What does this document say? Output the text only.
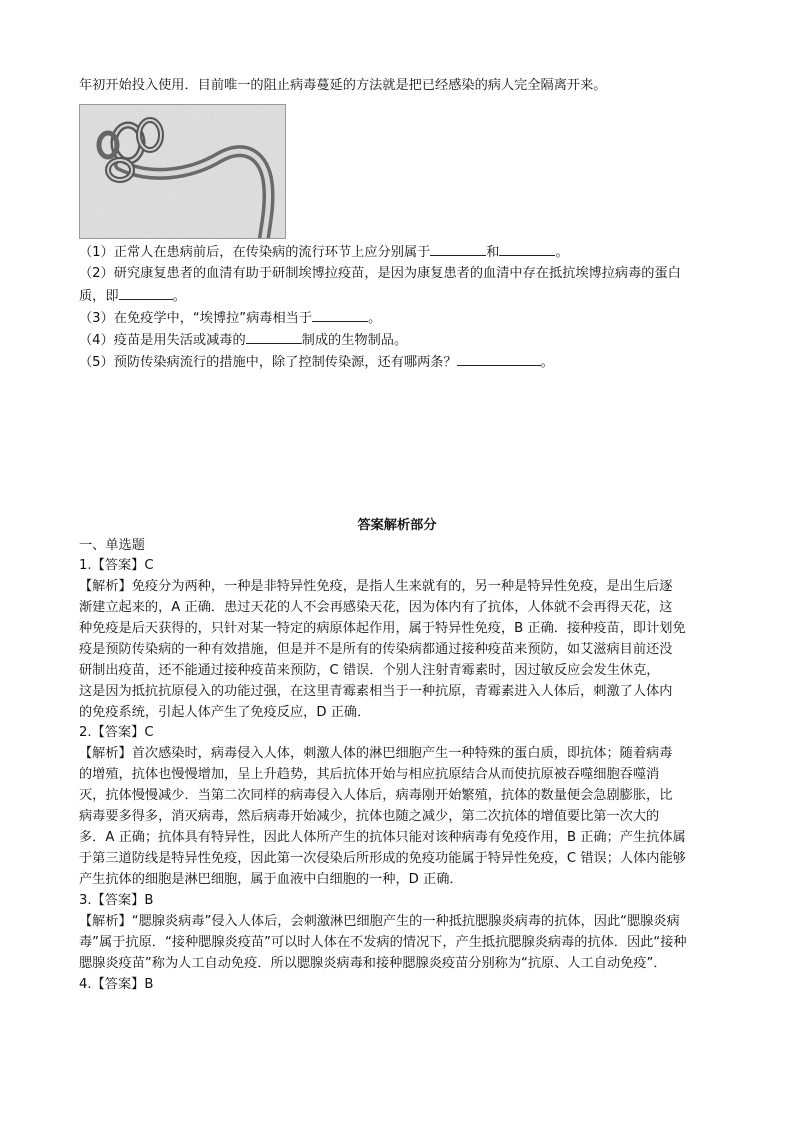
年初开始投入使用．目前唯一的阻止病毒蔓延的方法就是把已经感染的病人完全隔离开来。
（1）正常人在患病前后，在传染病的流行环节上应分别属于	和	。
（2）研究康复患者的血清有助于研制埃博拉疫苗，是因为康复患者的血清中存在抵抗埃博拉病毒的蛋白
质，即	。
（3）在免疫学中，“埃博拉”病毒相当于	。
（4）疫苗是用失活或减毒的	制成的生物制品。
（5）预防传染病流行的措施中，除了控制传染源，还有哪两条？	。
答案解析部分
一、单选题
1.【答案】C
【解析】免疫分为两种，一种是非特异性免疫，是指人生来就有的，另一种是特异性免疫，是出生后逐
渐建立起来的，A 正确．患过天花的人不会再感染天花，因为体内有了抗体，人体就不会再得天花，这
种免疫是后天获得的，只针对某一特定的病原体起作用，属于特异性免疫，B 正确．接种疫苗，即计划免
疫是预防传染病的一种有效措施，但是并不是所有的传染病都通过接种疫苗来预防，如艾滋病目前还没
研制出疫苗，还不能通过接种疫苗来预防，C 错误．个别人注射青霉素时，因过敏反应会发生休克，
这是因为抵抗抗原侵入的功能过强，在这里青霉素相当于一种抗原，青霉素进入人体后，刺激了人体内
的免疫系统，引起人体产生了免疫反应，D 正确．
2.【答案】C
【解析】首次感染时，病毒侵入人体，刺激人体的淋巴细胞产生一种特殊的蛋白质，即抗体；随着病毒
的增殖，抗体也慢慢增加，呈上升趋势，其后抗体开始与相应抗原结合从而使抗原被吞噬细胞吞噬消
灭，抗体慢慢减少．当第二次同样的病毒侵入人体后，病毒刚开始繁殖，抗体的数量便会急剧膨胀，比
病毒要多得多，消灭病毒，然后病毒开始减少，抗体也随之减少，第二次抗体的增值要比第一次大的
多．A 正确；抗体具有特异性，因此人体所产生的抗体只能对该种病毒有免疫作用，B 正确；产生抗体属
于第三道防线是特异性免疫，因此第一次侵染后所形成的免疫功能属于特异性免疫，C 错误；人体内能够
产生抗体的细胞是淋巴细胞，属于血液中白细胞的一种，D 正确．
3.【答案】B
【解析】“腮腺炎病毒”侵入人体后，会刺激淋巴细胞产生的一种抵抗腮腺炎病毒的抗体，因此“腮腺炎病
毒”属于抗原．“接种腮腺炎疫苗”可以时人体在不发病的情况下，产生抵抗腮腺炎病毒的抗体．因此“接种
腮腺炎疫苗”称为人工自动免疫．所以腮腺炎病毒和接种腮腺炎疫苗分别称为“抗原、人工自动免疫”．
4.【答案】B
